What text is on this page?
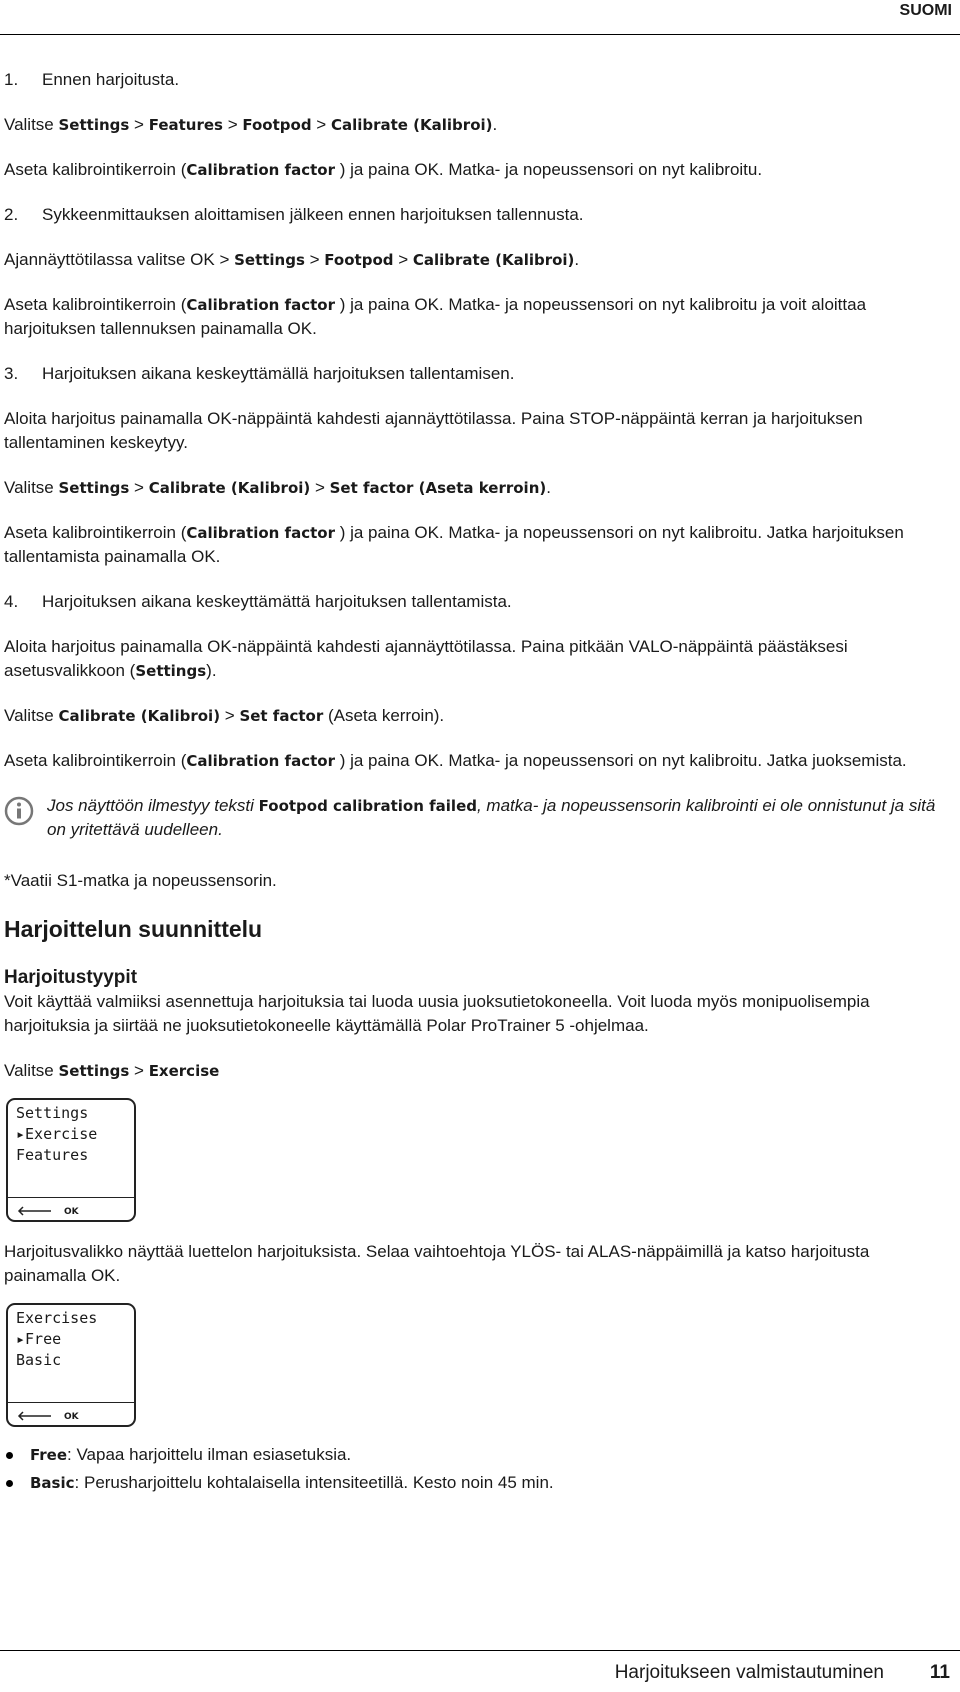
SUOMI
1. Ennen harjoitusta.
Valitse Settings > Features > Footpod > Calibrate (Kalibroi).
Aseta kalibrointikerroin (Calibration factor ) ja paina OK. Matka- ja nopeussensori on nyt kalibroitu.
2. Sykkeenmittauksen aloittamisen jälkeen ennen harjoituksen tallennusta.
Ajannäyttötilassa valitse OK > Settings > Footpod > Calibrate (Kalibroi).
Aseta kalibrointikerroin (Calibration factor ) ja paina OK. Matka- ja nopeussensori on nyt kalibroitu ja voit aloittaa harjoituksen tallennuksen painamalla OK.
3. Harjoituksen aikana keskeyttämällä harjoituksen tallentamisen.
Aloita harjoitus painamalla OK-näppäintä kahdesti ajannäyttötilassa. Paina STOP-näppäintä kerran ja harjoituksen tallentaminen keskeytyy.
Valitse Settings > Calibrate (Kalibroi) > Set factor (Aseta kerroin).
Aseta kalibrointikerroin (Calibration factor ) ja paina OK. Matka- ja nopeussensori on nyt kalibroitu. Jatka harjoituksen tallentamista painamalla OK.
4. Harjoituksen aikana keskeyttämättä harjoituksen tallentamista.
Aloita harjoitus painamalla OK-näppäintä kahdesti ajannäyttötilassa. Paina pitkään VALO-näppäintä päästäksesi asetusvalikkoon (Settings).
Valitse Calibrate (Kalibroi) > Set factor (Aseta kerroin).
Aseta kalibrointikerroin (Calibration factor ) ja paina OK. Matka- ja nopeussensori on nyt kalibroitu. Jatka juoksemista.
Jos näyttöön ilmestyy teksti Footpod calibration failed, matka- ja nopeussensorin kalibrointi ei ole onnistunut ja sitä on yritettävä uudelleen.
*Vaatii S1-matka ja nopeussensorin.
Harjoittelun suunnittelu
Harjoitustyypit
Voit käyttää valmiiksi asennettuja harjoituksia tai luoda uusia juoksutietokoneella. Voit luoda myös monipuolisempia harjoituksia ja siirtää ne juoksutietokoneelle käyttämällä Polar ProTrainer 5 -ohjelmaa.
Valitse Settings > Exercise
Settings
▸Exercise
Features
OK
Harjoitusvalikko näyttää luettelon harjoituksista. Selaa vaihtoehtoja YLÖS- tai ALAS-näppäimillä ja katso harjoitusta painamalla OK.
Exercises
▸Free
Basic
OK
Free: Vapaa harjoittelu ilman esiasetuksia.
Basic: Perusharjoittelu kohtalaisella intensiteetillä. Kesto noin 45 min.
Harjoitukseen valmistautuminen 11
